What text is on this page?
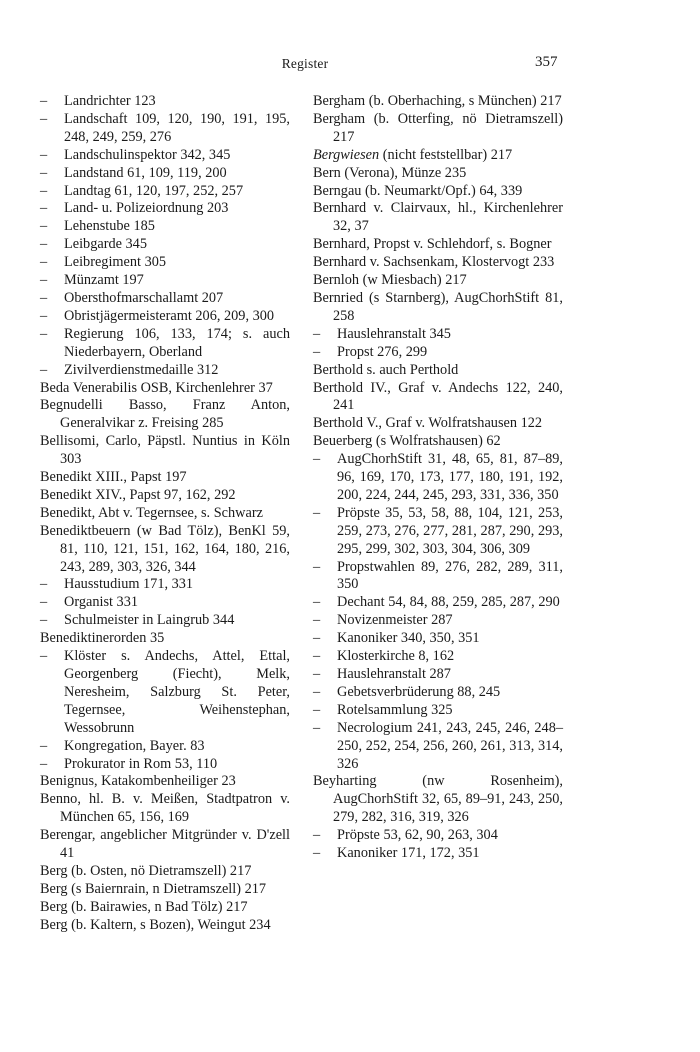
Register	357
– Landrichter 123
– Landschaft 109, 120, 190, 191, 195, 248, 249, 259, 276
– Landschulinspektor 342, 345
– Landstand 61, 109, 119, 200
– Landtag 61, 120, 197, 252, 257
– Land- u. Polizeiordnung 203
– Lehenstube 185
– Leibgarde 345
– Leibregiment 305
– Münzamt 197
– Obersthofmarschallamt 207
– Obristjägermeisteramt 206, 209, 300
– Regierung 106, 133, 174; s. auch Niederbayern, Oberland
– Zivilverdienstmedaille 312
Beda Venerabilis OSB, Kirchenlehrer 37
Begnudelli Basso, Franz Anton, Generalvikar z. Freising 285
Bellisomi, Carlo, Päpstl. Nuntius in Köln 303
Benedikt XIII., Papst 197
Benedikt XIV., Papst 97, 162, 292
Benedikt, Abt v. Tegernsee, s. Schwarz
Benediktbeuern (w Bad Tölz), BenKl 59, 81, 110, 121, 151, 162, 164, 180, 216, 243, 289, 303, 326, 344
– Hausstudium 171, 331
– Organist 331
– Schulmeister in Laingrub 344
Benediktinerorden 35
– Klöster s. Andechs, Attel, Ettal, Georgenberg (Fiecht), Melk, Neresheim, Salzburg St. Peter, Tegernsee, Weihenstephan, Wessobrunn
– Kongregation, Bayer. 83
– Prokurator in Rom 53, 110
Benignus, Katakombenheiliger 23
Benno, hl. B. v. Meißen, Stadtpatron v. München 65, 156, 169
Berengar, angeblicher Mitgründer v. D'zell 41
Berg (b. Osten, nö Dietramszell) 217
Berg (s Baiernrain, n Dietramszell) 217
Berg (b. Bairawies, n Bad Tölz) 217
Berg (b. Kaltern, s Bozen), Weingut 234
Bergham (b. Oberhaching, s München) 217
Bergham (b. Otterfing, nö Dietramszell) 217
Bergwiesen (nicht feststellbar) 217
Bern (Verona), Münze 235
Berngau (b. Neumarkt/Opf.) 64, 339
Bernhard v. Clairvaux, hl., Kirchenlehrer 32, 37
Bernhard, Propst v. Schlehdorf, s. Bogner
Bernhard v. Sachsenkam, Klostervogt 233
Bernloh (w Miesbach) 217
Bernried (s Starnberg), AugChorhStift 81, 258
– Hauslehranstalt 345
– Propst 276, 299
Berthold s. auch Perthold
Berthold IV., Graf v. Andechs 122, 240, 241
Berthold V., Graf v. Wolfratshausen 122
Beuerberg (s Wolfratshausen) 62
– AugChorhStift 31, 48, 65, 81, 87–89, 96, 169, 170, 173, 177, 180, 191, 192, 200, 224, 244, 245, 293, 331, 336, 350
– Pröpste 35, 53, 58, 88, 104, 121, 253, 259, 273, 276, 277, 281, 287, 290, 293, 295, 299, 302, 303, 304, 306, 309
– Propstwahlen 89, 276, 282, 289, 311, 350
– Dechant 54, 84, 88, 259, 285, 287, 290
– Novizenmeister 287
– Kanoniker 340, 350, 351
– Klosterkirche 8, 162
– Hauslehranstalt 287
– Gebetsverbrüderung 88, 245
– Rotelsammlung 325
– Necrologium 241, 243, 245, 246, 248–250, 252, 254, 256, 260, 261, 313, 314, 326
Beyharting (nw Rosenheim), AugChorhStift 32, 65, 89–91, 243, 250, 279, 282, 316, 319, 326
– Pröpste 53, 62, 90, 263, 304
– Kanoniker 171, 172, 351
